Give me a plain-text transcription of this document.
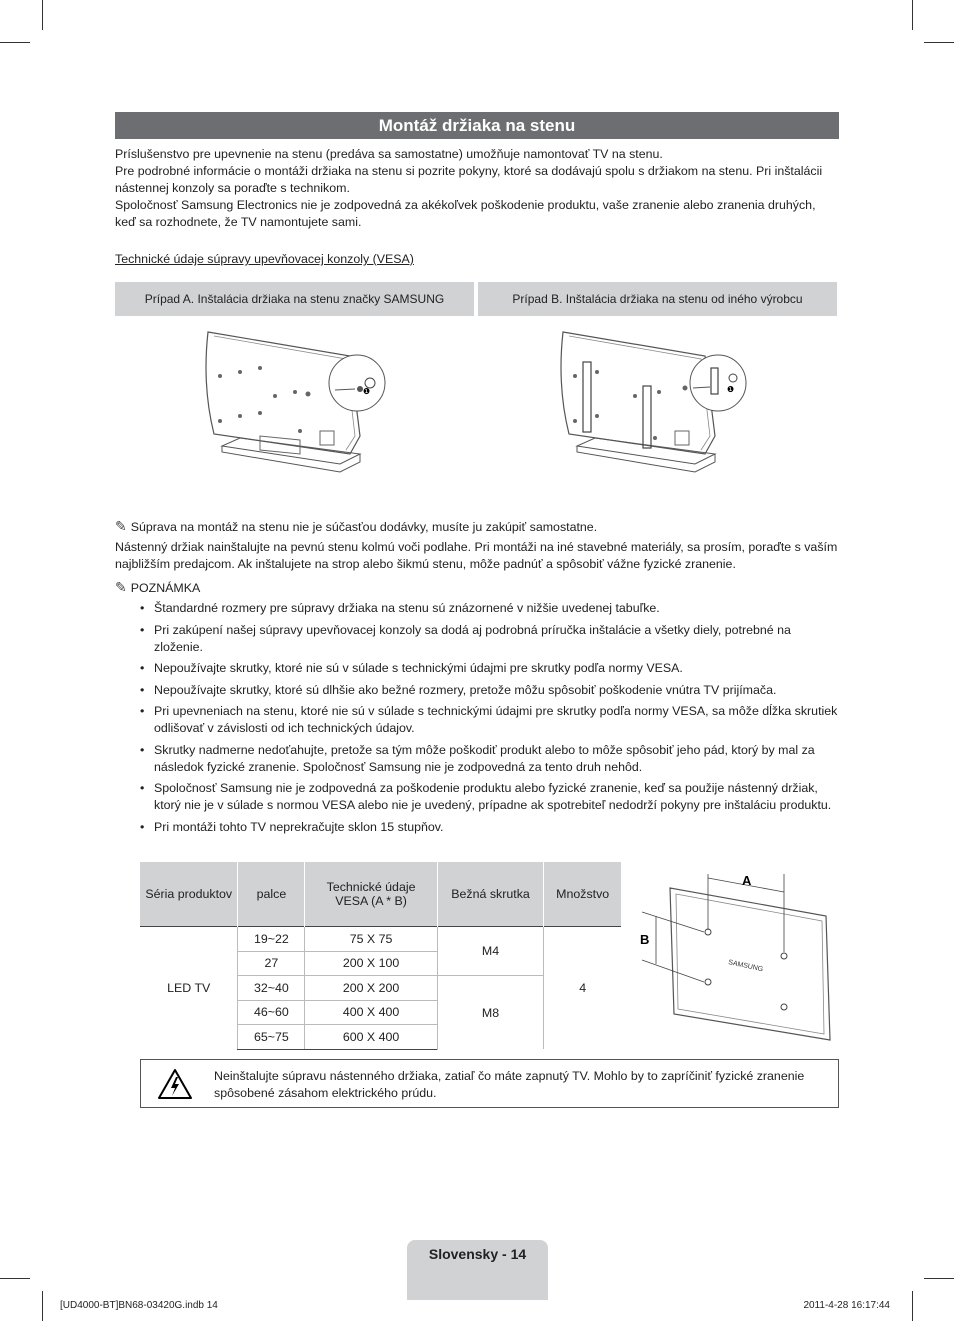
Montáž držiaka na stenu

Príslušenstvo pre upevnenie na stenu (predáva sa samostatne) umožňuje namontovať TV na stenu.

Pre podrobné informácie o montáži držiaka na stenu si pozrite pokyny, ktoré sa dodávajú spolu s držiakom na stenu. Pri inštalácii nástennej konzoly sa poraďte s technikom.

Spoločnosť Samsung Electronics nie je zodpovedná za akékoľvek poškodenie produktu, vaše zranenie alebo zranenia druhých, keď sa rozhodnete, že TV namontujete sami.

Technické údaje súpravy upevňovacej konzoly (VESA)
Prípad A. Inštalácia držiaka na stenu značky SAMSUNG	Prípad B. Inštalácia držiaka na stenu od iného výrobcu
❶	❶
✎ Súprava na montáž na stenu nie je súčasťou dodávky, musíte ju zakúpiť samostatne.
Nástenný držiak nainštalujte na pevnú stenu kolmú voči podlahe. Pri montáži na iné stavebné materiály, sa prosím, poraďte s vaším najbližším predajcom. Ak inštalujete na strop alebo šikmú stenu, môže padnúť a spôsobiť vážne fyzické zranenie.
✎ POZNÁMKA
• Štandardné rozmery pre súpravy držiaka na stenu sú znázornené v nižšie uvedenej tabuľke.
• Pri zakúpení našej súpravy upevňovacej konzoly sa dodá aj podrobná príručka inštalácie a všetky diely, potrebné na zloženie.
• Nepoužívajte skrutky, ktoré nie sú v súlade s technickými údajmi pre skrutky podľa normy VESA.
• Nepoužívajte skrutky, ktoré sú dlhšie ako bežné rozmery, pretože môžu spôsobiť poškodenie vnútra TV prijímača.
• Pri upevneniach na stenu, ktoré nie sú v súlade s technickými údajmi pre skrutky podľa normy VESA, sa môže dĺžka skrutiek odlišovať v závislosti od ich technických údajov.
• Skrutky nadmerne nedoťahujte, pretože sa tým môže poškodiť produkt alebo to môže spôsobiť jeho pád, ktorý by mal za následok fyzické zranenie. Spoločnosť Samsung nie je zodpovedná za tento druh nehôd.
• Spoločnosť Samsung nie je zodpovedná za poškodenie produktu alebo fyzické zranenie, keď sa použije nástenný držiak, ktorý nie je v súlade s normou VESA alebo nie je uvedený, prípadne ak spotrebiteľ nedodrží pokyny pre inštaláciu produktu.
• Pri montáži tohto TV neprekračujte sklon 15 stupňov.
Séria produktov	palce	Technické údaje VESA (A * B)	Bežná skrutka	Množstvo
LED TV	19~22	75 X 75	M4	4
	27	200 X 100		
	32~40	200 X 200	M8	
	46~60	400 X 400		
	65~75	600 X 400		
SAMSUNG
A
B
Neinštalujte súpravu nástenného držiaka, zatiaľ čo máte zapnutý TV. Mohlo by to zapríčiniť fyzické zranenie spôsobené zásahom elektrického prúdu.
Slovensky - 14
[UD4000-BT]BN68-03420G.indb 14	2011-4-28 16:17:44
